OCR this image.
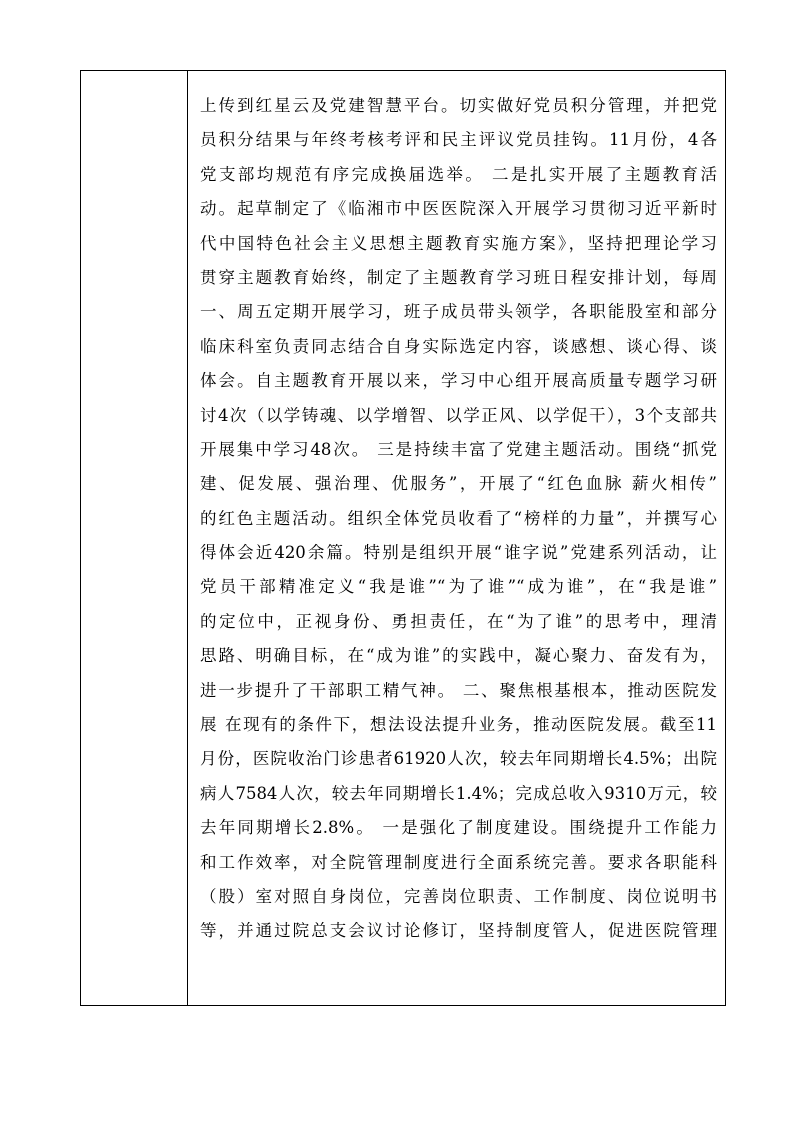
上传到红星云及党建智慧平台。切实做好党员积分管理，并把党
员积分结果与年终考核考评和民主评议党员挂钩。11月份，4各
党支部均规范有序完成换届选举。 二是扎实开展了主题教育活
动。起草制定了《临湘市中医医院深入开展学习贯彻习近平新时
代中国特色社会主义思想主题教育实施方案》，坚持把理论学习
贯穿主题教育始终，制定了主题教育学习班日程安排计划，每周
一、周五定期开展学习，班子成员带头领学，各职能股室和部分
临床科室负责同志结合自身实际选定内容，谈感想、谈心得、谈
体会。自主题教育开展以来，学习中心组开展高质量专题学习研
讨4次（以学铸魂、以学增智、以学正风、以学促干），3个支部共
开展集中学习48次。 三是持续丰富了党建主题活动。围绕“抓党
建、促发展、强治理、优服务”，开展了“红色血脉 薪火相传”
的红色主题活动。组织全体党员收看了“榜样的力量”，并撰写心
得体会近420余篇。特别是组织开展“谁字说”党建系列活动，让
党员干部精准定义“我是谁”“为了谁”“成为谁”，在“我是谁”
的定位中，正视身份、勇担责任，在“为了谁”的思考中，理清
思路、明确目标，在“成为谁”的实践中，凝心聚力、奋发有为，
进一步提升了干部职工精气神。 二、聚焦根基根本，推动医院发
展 在现有的条件下，想法设法提升业务，推动医院发展。截至11
月份，医院收治门诊患者61920人次，较去年同期增长4.5%；出院
病人7584人次，较去年同期增长1.4%；完成总收入9310万元，较
去年同期增长2.8%。 一是强化了制度建设。围绕提升工作能力
和工作效率，对全院管理制度进行全面系统完善。要求各职能科
（股）室对照自身岗位，完善岗位职责、工作制度、岗位说明书
等，并通过院总支会议讨论修订，坚持制度管人，促进医院管理
